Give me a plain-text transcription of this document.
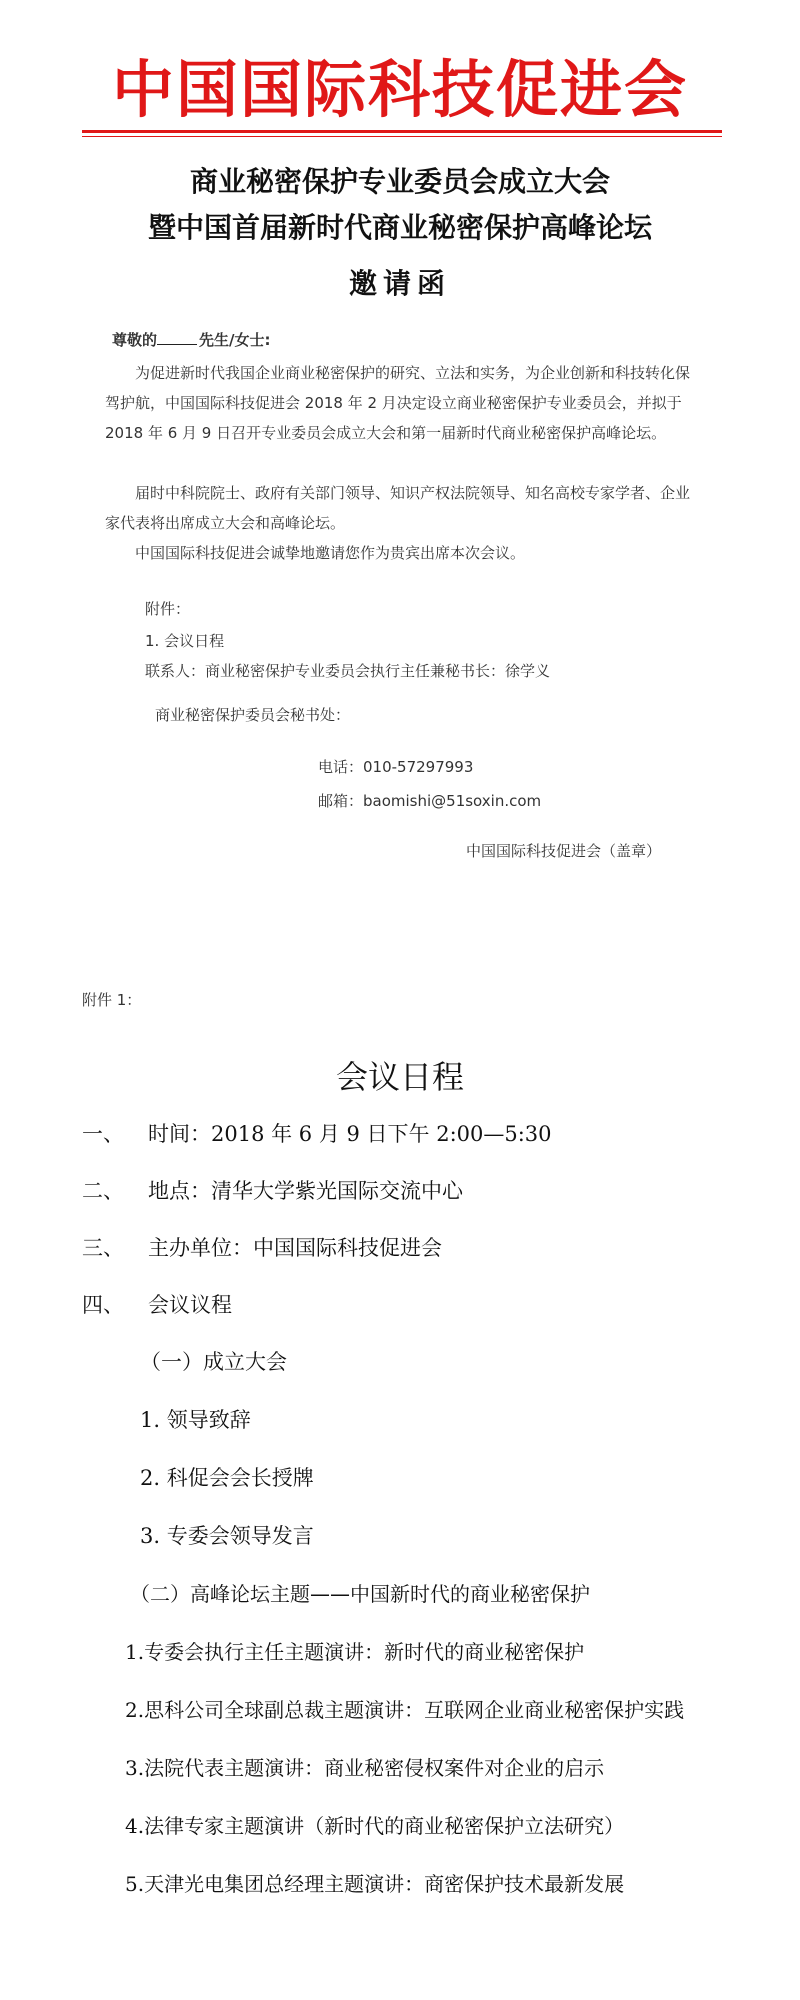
中国国际科技促进会
商业秘密保护专业委员会成立大会
暨中国首届新时代商业秘密保护高峰论坛
邀请函
尊敬的	先生/女士:
为促进新时代我国企业商业秘密保护的研究、立法和实务，为企业创新和科技转化保驾护航，中国国际科技促进会 2018 年 2 月决定设立商业秘密保护专业委员会，并拟于 2018 年 6 月 9 日召开专业委员会成立大会和第一届新时代商业秘密保护高峰论坛。
届时中科院院士、政府有关部门领导、知识产权法院领导、知名高校专家学者、企业家代表将出席成立大会和高峰论坛。
中国国际科技促进会诚挚地邀请您作为贵宾出席本次会议。
附件：
1. 会议日程
联系人：商业秘密保护专业委员会执行主任兼秘书长：徐学义
商业秘密保护委员会秘书处：
电话：010-57297993
邮箱：baomishi@51soxin.com
中国国际科技促进会（盖章）
附件 1：
会议日程
一、 时间：2018 年 6 月 9 日下午 2:00—5:30
二、 地点：清华大学紫光国际交流中心
三、 主办单位：中国国际科技促进会
四、 会议议程
（一）成立大会
1. 领导致辞
2. 科促会会长授牌
3. 专委会领导发言
（二）高峰论坛主题——中国新时代的商业秘密保护
1.专委会执行主任主题演讲：新时代的商业秘密保护
2.思科公司全球副总裁主题演讲：互联网企业商业秘密保护实践
3.法院代表主题演讲：商业秘密侵权案件对企业的启示
4.法律专家主题演讲（新时代的商业秘密保护立法研究）
5.天津光电集团总经理主题演讲：商密保护技术最新发展
